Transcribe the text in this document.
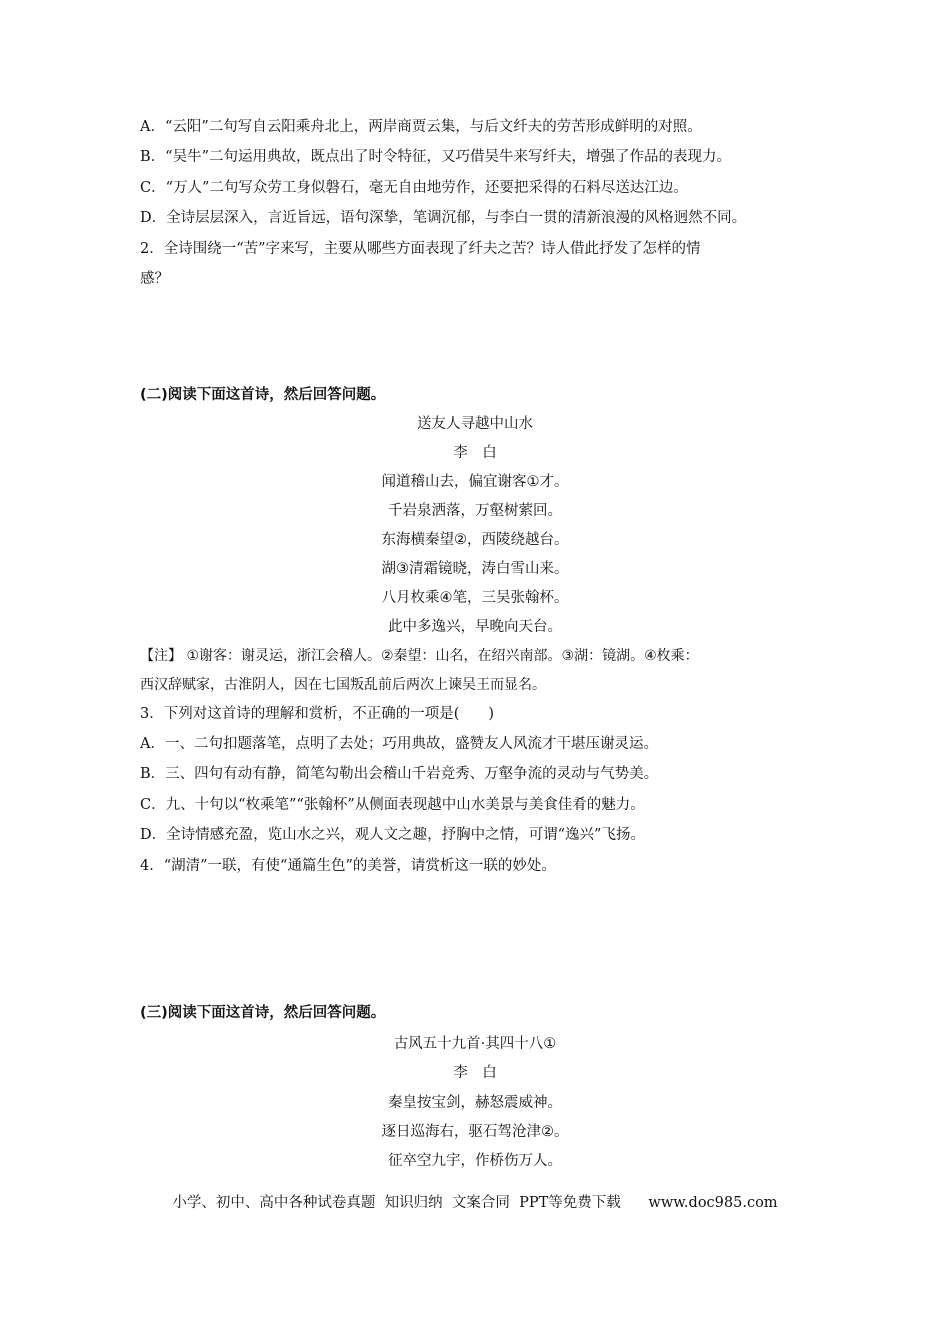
A．“云阳”二句写自云阳乘舟北上，两岸商贾云集，与后文纤夫的劳苦形成鲜明的对照。
B．“吴牛”二句运用典故，既点出了时令特征，又巧借吴牛来写纤夫，增强了作品的表现力。
C．“万人”二句写众劳工身似磐石，毫无自由地劳作，还要把采得的石料尽送达江边。
D．全诗层层深入，言近旨远，语句深挚，笔调沉郁，与李白一贯的清新浪漫的风格迥然不同。
2．全诗围绕一“苦”字来写，主要从哪些方面表现了纤夫之苦？诗人借此抒发了怎样的情
感？
(二)阅读下面这首诗，然后回答问题。
送友人寻越中山水
李　白
闻道稽山去，偏宜谢客①才。
千岩泉洒落，万壑树萦回。
东海横秦望②，西陵绕越台。
湖③清霜镜晓，涛白雪山来。
八月枚乘④笔，三吴张翰杯。
此中多逸兴，早晚向天台。
【注】 ①谢客：谢灵运，浙江会稽人。②秦望：山名，在绍兴南部。③湖：镜湖。④枚乘：
西汉辞赋家，古淮阴人，因在七国叛乱前后两次上谏吴王而显名。
3．下列对这首诗的理解和赏析，不正确的一项是(　　)
A．一、二句扣题落笔，点明了去处；巧用典故，盛赞友人风流才干堪压谢灵运。
B．三、四句有动有静，简笔勾勒出会稽山千岩竞秀、万壑争流的灵动与气势美。
C．九、十句以“枚乘笔”“张翰杯”从侧面表现越中山水美景与美食佳肴的魅力。
D．全诗情感充盈，览山水之兴，观人文之趣，抒胸中之情，可谓“逸兴”飞扬。
4．“湖清”一联，有使“通篇生色”的美誉，请赏析这一联的妙处。
(三)阅读下面这首诗，然后回答问题。
古风五十九首·其四十八①
李　白
秦皇按宝剑，赫怒震威神。
逐日巡海右，驱石驾沧津②。
征卒空九宇，作桥伤万人。
小学、初中、高中各种试卷真题  知识归纳  文案合同  PPT等免费下载      www.doc985.com
